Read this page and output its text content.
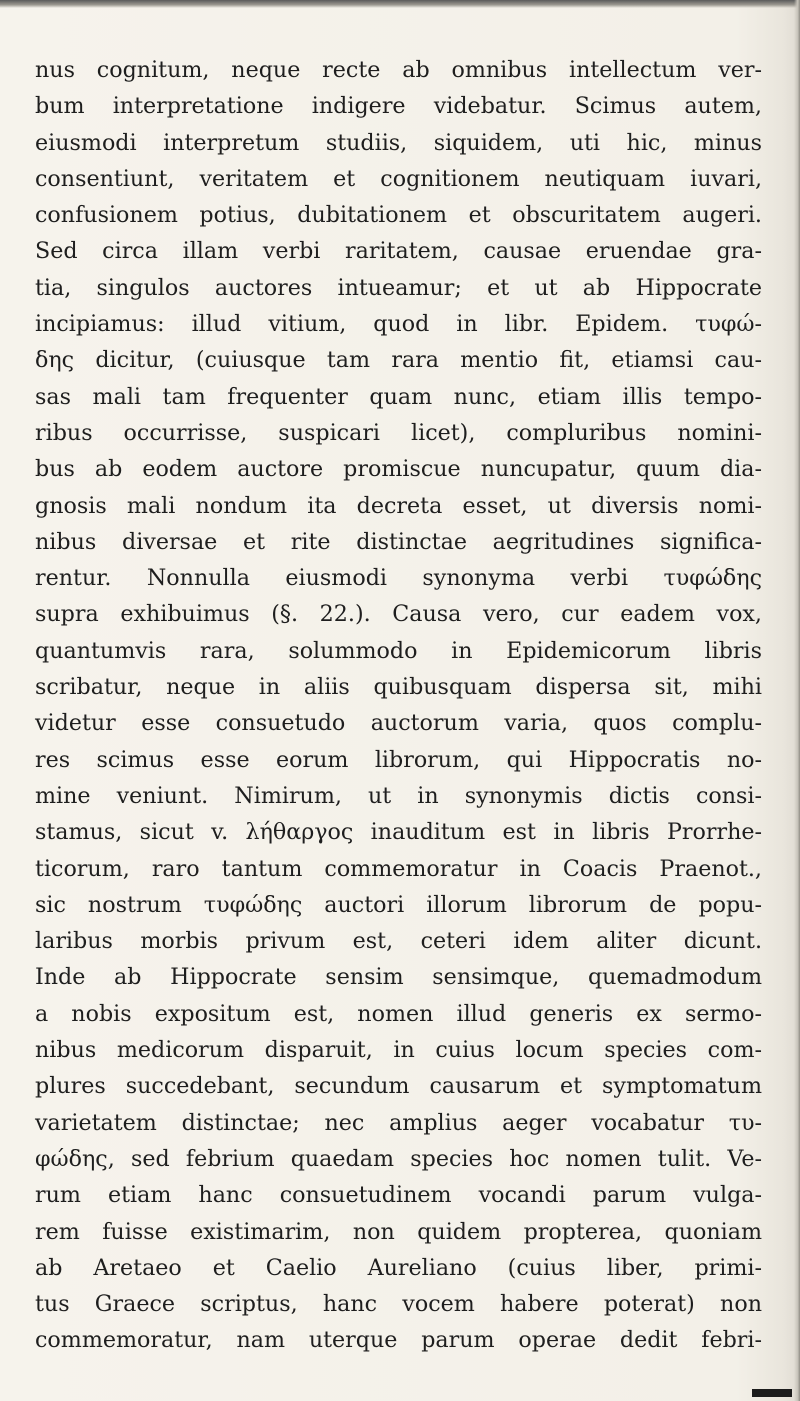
nus cognitum, neque recte ab omnibus intellectum ver-
bum interpretatione indigere videbatur. Scimus autem,
eiusmodi interpretum studiis, siquidem, uti hic, minus
consentiunt, veritatem et cognitionem neutiquam iuvari,
confusionem potius, dubitationem et obscuritatem augeri.
Sed circa illam verbi raritatem, causae eruendae gra-
tia, singulos auctores intueamur; et ut ab Hippocrate
incipiamus: illud vitium, quod in libr. Epidem. τυφώ-
δης dicitur, (cuiusque tam rara mentio fit, etiamsi cau-
sas mali tam frequenter quam nunc, etiam illis tempo-
ribus occurrisse, suspicari licet), compluribus nomini-
bus ab eodem auctore promiscue nuncupatur, quum dia-
gnosis mali nondum ita decreta esset, ut diversis nomi-
nibus diversae et rite distinctae aegritudines significa-
rentur. Nonnulla eiusmodi synonyma verbi τυφώδης
supra exhibuimus (§. 22.). Causa vero, cur eadem vox,
quantumvis rara, solummodo in Epidemicorum libris
scribatur, neque in aliis quibusquam dispersa sit, mihi
videtur esse consuetudo auctorum varia, quos complu-
res scimus esse eorum librorum, qui Hippocratis no-
mine veniunt. Nimirum, ut in synonymis dictis consi-
stamus, sicut v. λήθαργος inauditum est in libris Prorrhe-
ticorum, raro tantum commemoratur in Coacis Praenot.,
sic nostrum τυφώδης auctori illorum librorum de popu-
laribus morbis privum est, ceteri idem aliter dicunt.
Inde ab Hippocrate sensim sensimque, quemadmodum
a nobis expositum est, nomen illud generis ex sermo-
nibus medicorum disparuit, in cuius locum species com-
plures succedebant, secundum causarum et symptomatum
varietatem distinctae; nec amplius aeger vocabatur τυ-
φώδης, sed febrium quaedam species hoc nomen tulit. Ve-
rum etiam hanc consuetudinem vocandi parum vulga-
rem fuisse existimarim, non quidem propterea, quoniam
ab Aretaeo et Caelio Aureliano (cuius liber, primi-
tus Graece scriptus, hanc vocem habere poterat) non
commemoratur, nam uterque parum operae dedit febri-
